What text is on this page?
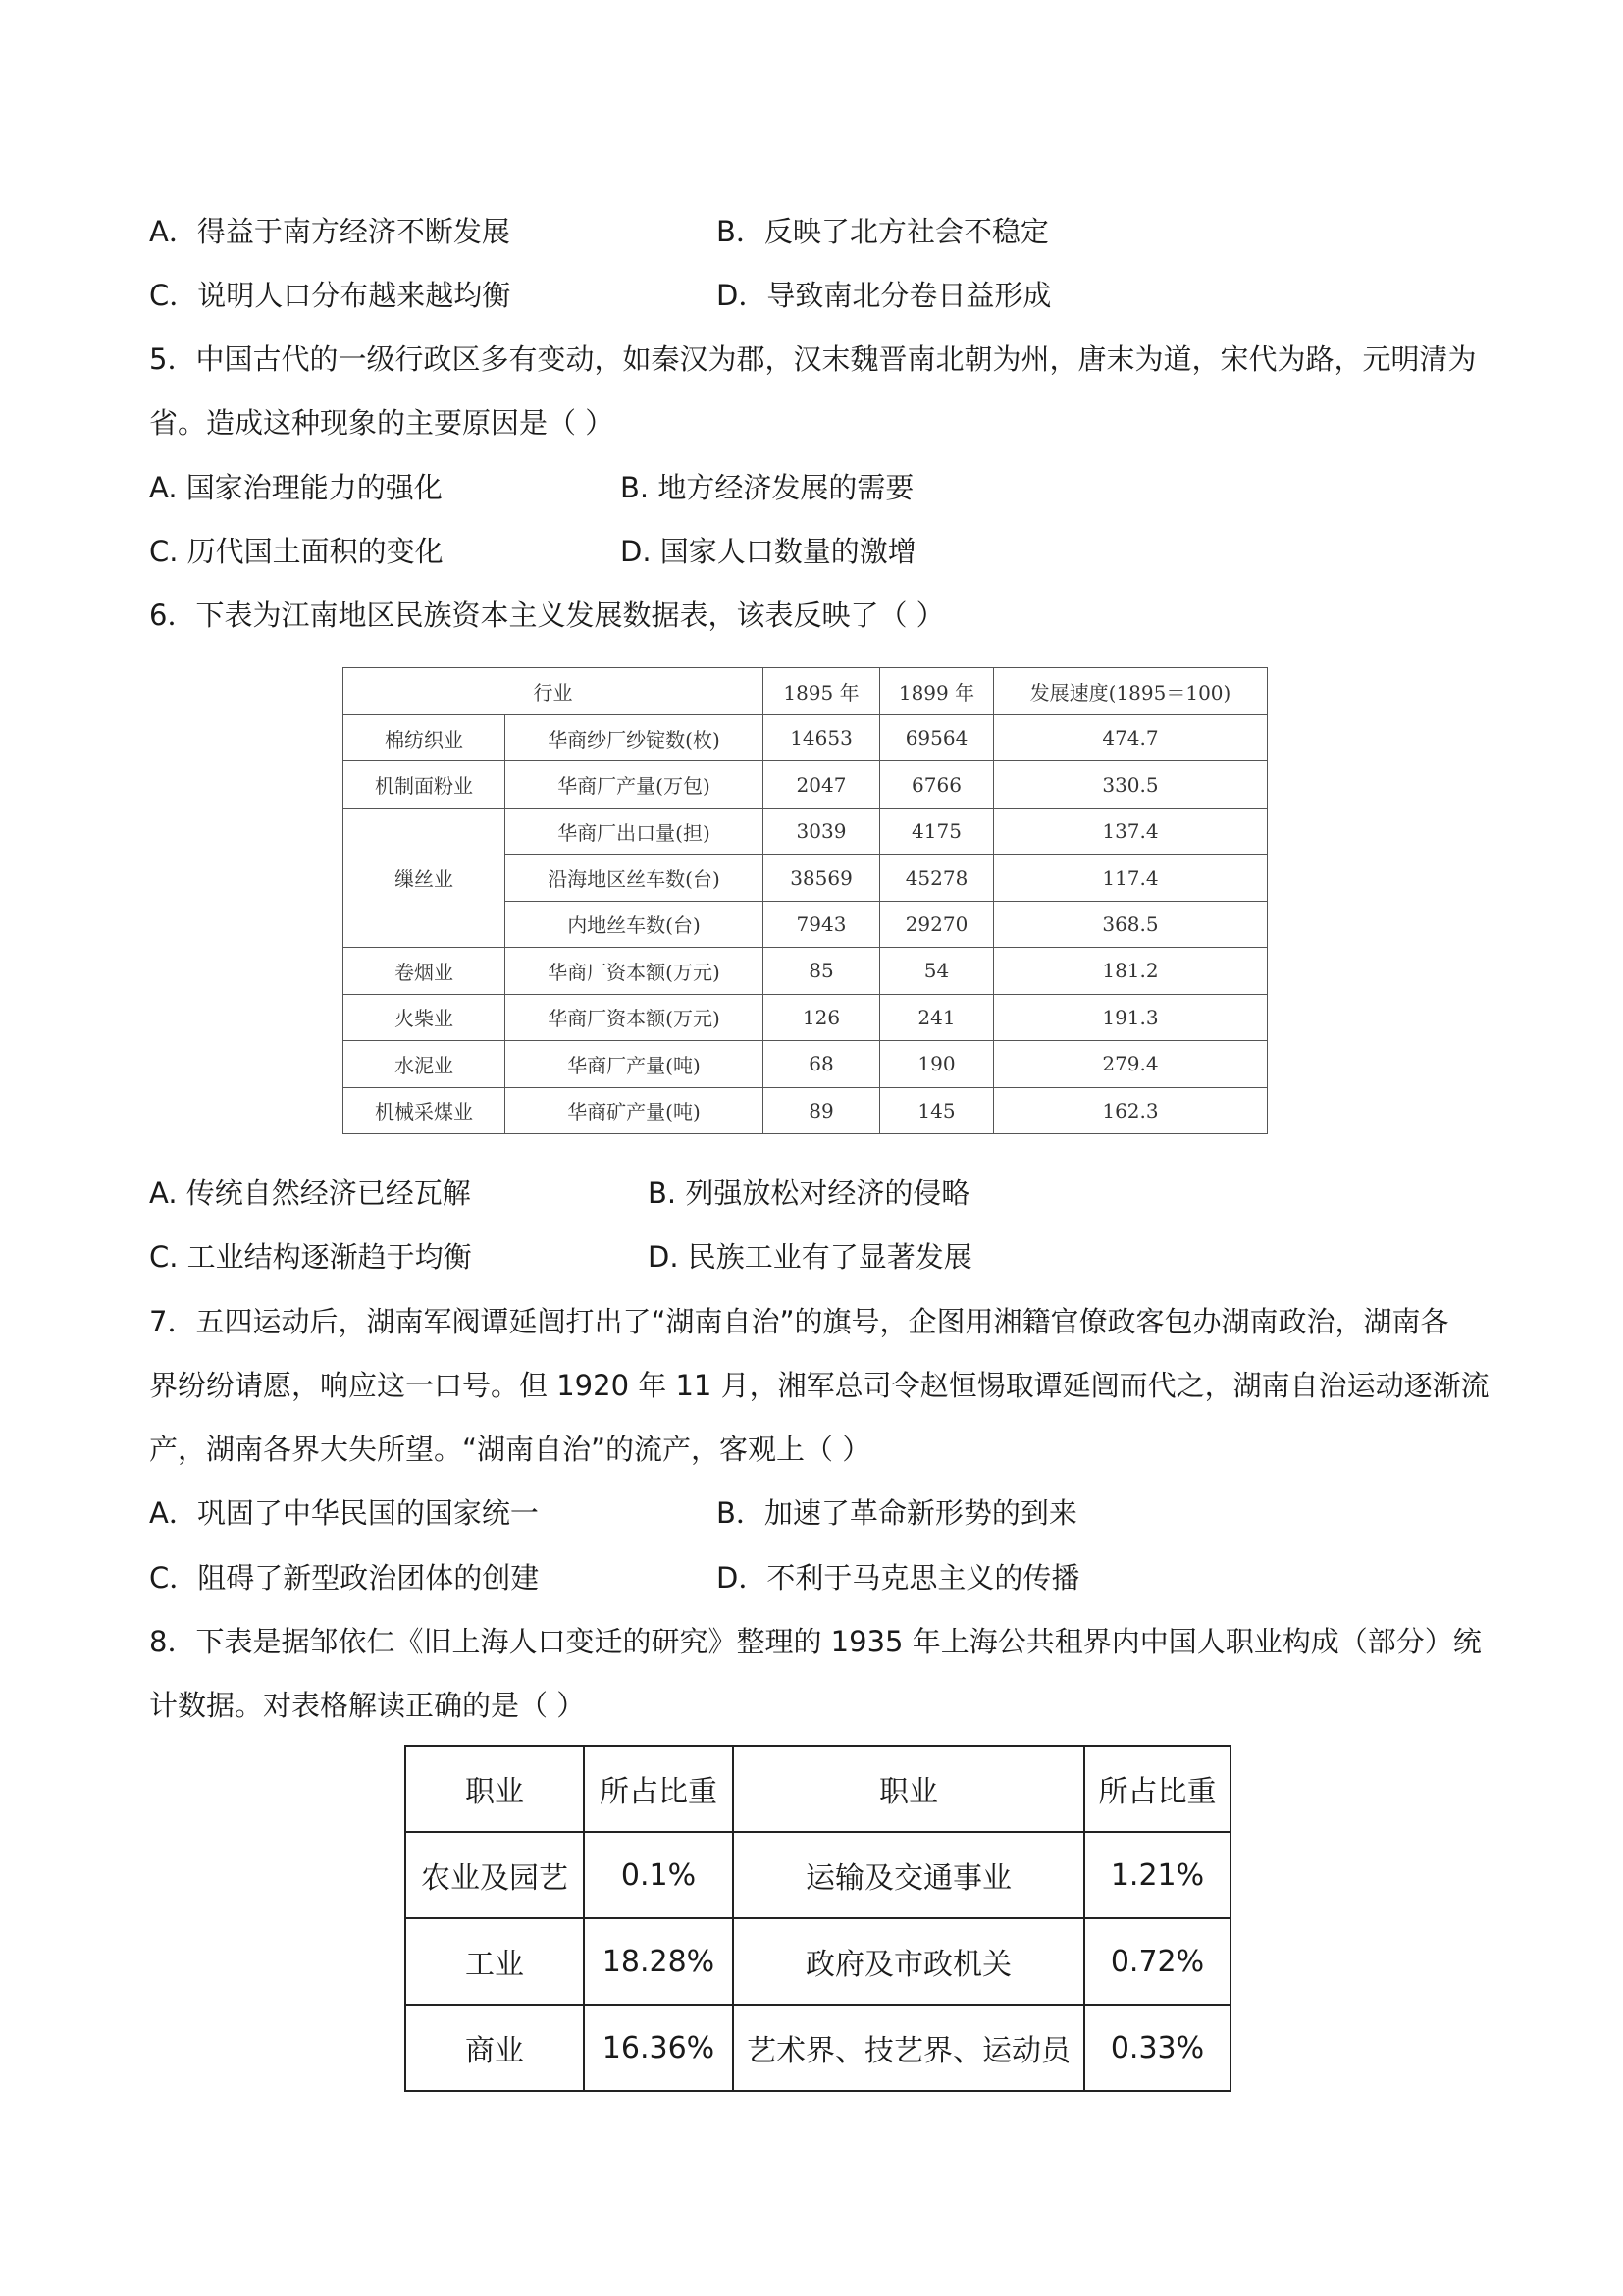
A．得益于南方经济不断发展	B．反映了北方社会不稳定
C．说明人口分布越来越均衡	D．导致南北分卷日益形成
5．中国古代的一级行政区多有变动，如秦汉为郡，汉末魏晋南北朝为州，唐末为道，宋代为路，元明清为
省。造成这种现象的主要原因是（ ）
A. 国家治理能力的强化	B. 地方经济发展的需要
C. 历代国土面积的变化	D. 国家人口数量的激增
6．下表为江南地区民族资本主义发展数据表，该表反映了（ ）
行业		1895 年	1899 年	发展速度(1895＝100)
棉纺织业	华商纱厂纱锭数(枚)	14653	69564	474.7
机制面粉业	华商厂产量(万包)	2047	6766	330.5
缫丝业	华商厂出口量(担)	3039	4175	137.4
	沿海地区丝车数(台)	38569	45278	117.4
	内地丝车数(台)	7943	29270	368.5
卷烟业	华商厂资本额(万元)	85	54	181.2
火柴业	华商厂资本额(万元)	126	241	191.3
水泥业	华商厂产量(吨)	68	190	279.4
机械采煤业	华商矿产量(吨)	89	145	162.3
A. 传统自然经济已经瓦解	B. 列强放松对经济的侵略
C. 工业结构逐渐趋于均衡	D. 民族工业有了显著发展
7．五四运动后，湖南军阀谭延闿打出了“湖南自治”的旗号，企图用湘籍官僚政客包办湖南政治，湖南各
界纷纷请愿，响应这一口号。但 1920 年 11 月，湘军总司令赵恒惕取谭延闿而代之，湖南自治运动逐渐流
产，湖南各界大失所望。“湖南自治”的流产，客观上（ ）
A．巩固了中华民国的国家统一	B．加速了革命新形势的到来
C．阻碍了新型政治团体的创建	D．不利于马克思主义的传播
8．下表是据邹依仁《旧上海人口变迁的研究》整理的 1935 年上海公共租界内中国人职业构成（部分）统
计数据。对表格解读正确的是（ ）
职业	所占比重	职业	所占比重
农业及园艺	0.1%	运输及交通事业	1.21%
工业	18.28%	政府及市政机关	0.72%
商业	16.36%	艺术界、技艺界、运动员	0.33%
